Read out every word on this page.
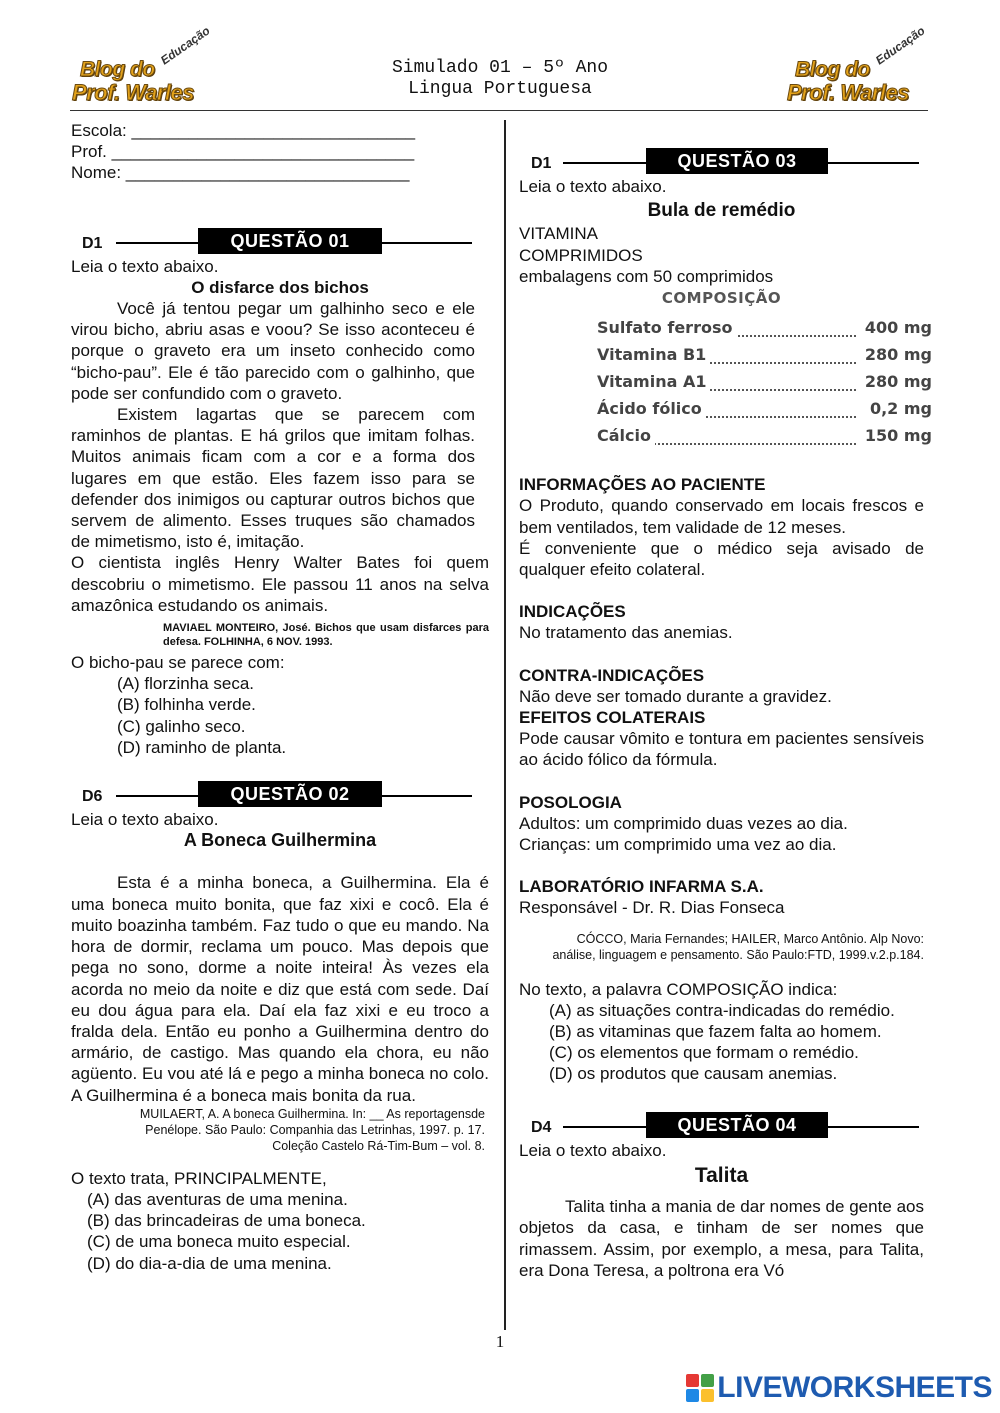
Blog do
Prof. Warles
Educação
Blog do
Prof. Warles
Educação
Simulado 01 – 5º Ano
Lingua Portuguesa

Escola: ______________________________

Prof. ________________________________

Nome: ______________________________

D1	QUESTÃO 01

Leia o texto abaixo.

O disfarce dos bichos

Você já tentou pegar um galhinho seco e ele virou bicho, abriu asas e voou? Se isso aconteceu é porque o graveto era um inseto conhecido como “bicho-pau”. Ele é tão parecido com o galhinho, que pode ser confundido com o graveto.

Existem lagartas que se parecem com raminhos de plantas. E há grilos que imitam folhas. Muitos animais ficam com a cor e a forma dos lugares em que estão. Eles fazem isso para se defender dos inimigos ou capturar outros bichos que servem de alimento. Esses truques são chamados de mimetismo, isto é, imitação.

O cientista inglês Henry Walter Bates foi quem descobriu o mimetismo. Ele passou 11 anos na selva amazônica estudando os animais.

MAVIAEL MONTEIRO, José. Bichos que usam disfarces para defesa. FOLHINHA, 6 NOV. 1993.

O bicho-pau se parece com:

(A) florzinha seca.

(B) folhinha verde.

(C) galinho seco.

(D) raminho de planta.

D6	QUESTÃO 02

Leia o texto abaixo.

A Boneca Guilhermina

Esta é a minha boneca, a Guilhermina. Ela é uma boneca muito bonita, que faz xixi e cocô. Ela é muito boazinha também. Faz tudo o que eu mando. Na hora de dormir, reclama um pouco. Mas depois que pega no sono, dorme a noite inteira! Às vezes ela acorda no meio da noite e diz que está com sede. Daí eu dou água para ela. Daí ela faz xixi e eu troco a fralda dela. Então eu ponho a Guilhermina dentro do armário, de castigo. Mas quando ela chora, eu não agüento. Eu vou até lá e pego a minha boneca no colo. A Guilhermina é a boneca mais bonita da rua.

MUILAERT, A. A boneca Guilhermina. In: __ As reportagensde
Penélope. São Paulo: Companhia das Letrinhas, 1997. p. 17.
Coleção Castelo Rá-Tim-Bum – vol. 8.

O texto trata, PRINCIPALMENTE,

(A) das aventuras de uma menina.

(B) das brincadeiras de uma boneca.

(C) de uma boneca muito especial.

(D) do dia-a-dia de uma menina.

D1	QUESTÃO 03

Leia o texto abaixo.

Bula de remédio

VITAMINA

COMPRIMIDOS

embalagens com 50 comprimidos

COMPOSIÇÃO

Sulfato ferroso	400 mg
Vitamina B1	280 mg
Vitamina A1	280 mg
Ácido fólico	0,2 mg
Cálcio	150 mg

INFORMAÇÕES AO PACIENTE

O Produto, quando conservado em locais frescos e bem ventilados, tem validade de 12 meses.

É conveniente que o médico seja avisado de qualquer efeito colateral.

INDICAÇÕES

No tratamento das anemias.

CONTRA-INDICAÇÕES

Não deve ser tomado durante a gravidez.

EFEITOS COLATERAIS

Pode causar vômito e tontura em pacientes sensíveis ao ácido fólico da fórmula.

POSOLOGIA

Adultos: um comprimido duas vezes ao dia.

Crianças: um comprimido uma vez ao dia.

LABORATÓRIO INFARMA S.A.

Responsável - Dr. R. Dias Fonseca

CÓCCO, Maria Fernandes; HAILER, Marco Antônio. Alp Novo:
análise, linguagem e pensamento. São Paulo:FTD, 1999.v.2.p.184.

No texto, a palavra COMPOSIÇÃO indica:

(A) as situações contra-indicadas do remédio.

(B) as vitaminas que fazem falta ao homem.

(C) os elementos que formam o remédio.

(D) os produtos que causam anemias.

D4	QUESTÃO 04

Leia o texto abaixo.

Talita

Talita tinha a mania de dar nomes de gente aos objetos da casa, e tinham de ser nomes que rimassem. Assim, por exemplo, a mesa, para Talita, era Dona Teresa, a poltrona era Vó

1
LIVEWORKSHEETS
